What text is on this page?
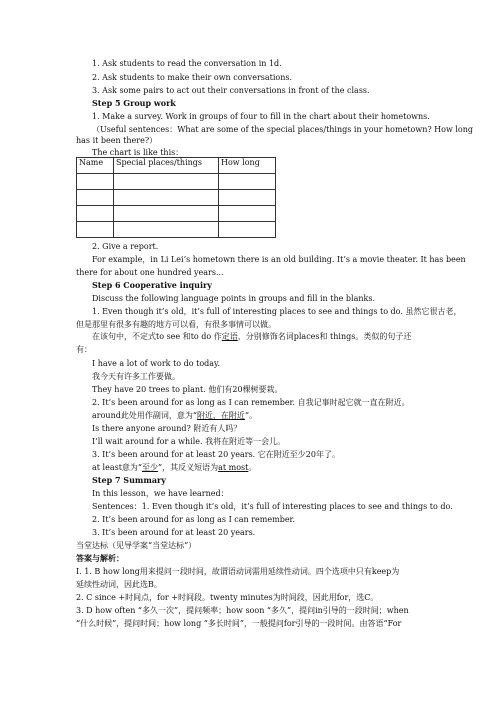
1. Ask students to read the conversation in 1d.
2. Ask students to make their own conversations.
3. Ask some pairs to act out their conversations in front of the class.
Step 5 Group work
1. Make a survey. Work in groups of four to fill in the chart about their hometowns.
（Useful sentences：What are some of the special places/things in your hometown? How long
has it been there?）
The chart is like this：
Name	Special places/things	How long

2. Give a report.
For example，in Li Lei’s hometown there is an old building. It’s a movie theater. It has been
there for about one hundred years...
Step 6 Cooperative inquiry
Discuss the following language points in groups and fill in the blanks.
1. Even though it’s old，it’s full of interesting places to see and things to do. 虽然它很古老，
但是那里有很多有趣的地方可以看，有很多事情可以做。
在该句中，不定式to see 和to do 作定语，分别修饰名词places和 things。类似的句子还
有：
I have a lot of work to do today.
我今天有许多工作要做。
They have 20 trees to plant. 他们有20棵树要栽。
2. It’s been around for as long as I can remember. 自我记事时起它就一直在附近。
around此处用作副词，意为“附近，在附近”。
Is there anyone around? 附近有人吗？
I’ll wait around for a while. 我将在附近等一会儿。
3. It’s been around for at least 20 years. 它在附近至少20年了。
at least意为“至少”，其反义短语为at most。
Step 7 Summary
In this lesson，we have learned：
Sentences：1. Even though it’s old，it’s full of interesting places to see and things to do.
2. It’s been around for as long as I can remember.
3. It’s been around for at least 20 years.
当堂达标（见导学案“当堂达标”）
答案与解析：
Ⅰ. 1. B how long用来提问一段时间，故谓语动词需用延续性动词。四个选项中只有keep为
延续性动词，因此选B。
2. C since +时间点，for +时间段。twenty minutes为时间段，因此用for，选C。
3. D how often “多久一次”，提问频率；how soon “多久”，提问in引导的一段时间；when
“什么时候”，提问时间；how long “多长时间”，一般提问for引导的一段时间。由答语“For
